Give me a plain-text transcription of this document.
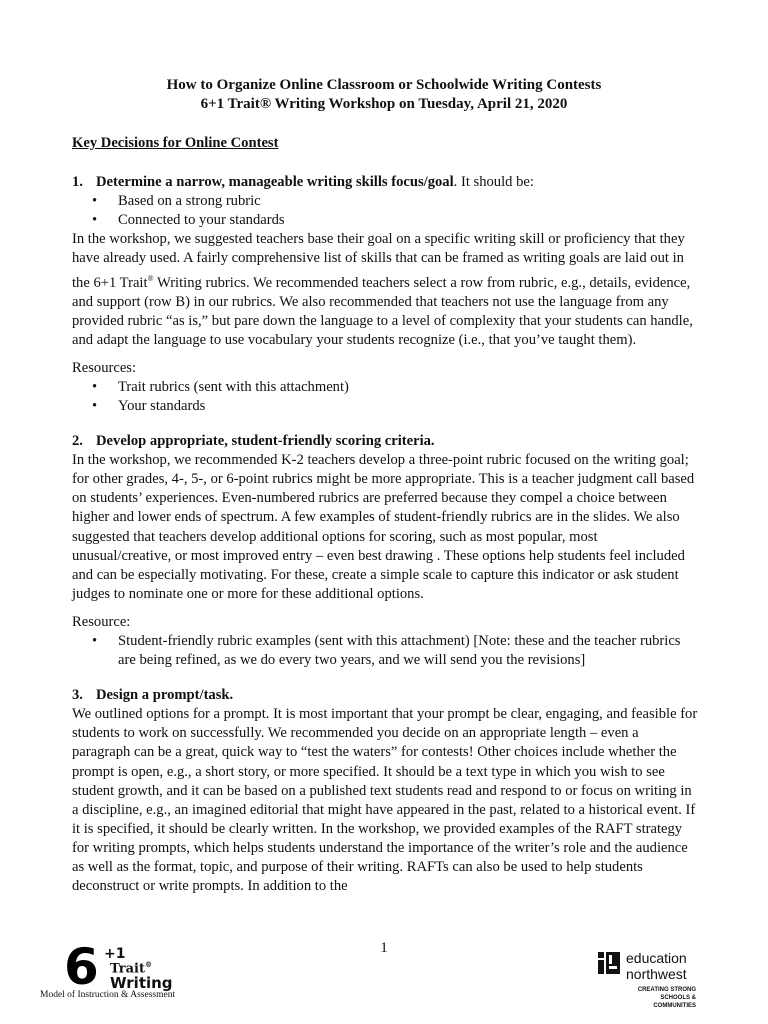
How to Organize Online Classroom or Schoolwide Writing Contests
6+1 Trait® Writing Workshop on Tuesday, April 21, 2020
Key Decisions for Online Contest
1. Determine a narrow, manageable writing skills focus/goal. It should be:
• Based on a strong rubric
• Connected to your standards

In the workshop, we suggested teachers base their goal on a specific writing skill or proficiency that they have already used. A fairly comprehensive list of skills that can be framed as writing goals are laid out in the 6+1 Trait® Writing rubrics. We recommended teachers select a row from rubric, e.g., details, evidence, and support (row B) in our rubrics. We also recommended that teachers not use the language from any provided rubric “as is,” but pare down the language to a level of complexity that your students can handle, and adapt the language to use vocabulary your students recognize (i.e., that you’ve taught them).

Resources:

• Trait rubrics (sent with this attachment)
• Your standards
2. Develop appropriate, student-friendly scoring criteria.

In the workshop, we recommended K-2 teachers develop a three-point rubric focused on the writing goal; for other grades, 4-, 5-, or 6-point rubrics might be more appropriate. This is a teacher judgment call based on students’ experiences. Even-numbered rubrics are preferred because they compel a choice between higher and lower ends of spectrum. A few examples of student-friendly rubrics are in the slides. We also suggested that teachers develop additional options for scoring, such as most popular, most unusual/creative, or most improved entry – even best drawing . These options help students feel included and can be especially motivating. For these, create a simple scale to capture this indicator or ask student judges to nominate one or more for these additional options.

Resource:

• Student-friendly rubric examples (sent with this attachment) [Note: these and the teacher rubrics are being refined, as we do every two years, and we will send you the revisions]
3. Design a prompt/task.

We outlined options for a prompt. It is most important that your prompt be clear, engaging, and feasible for students to work on successfully. We recommended you decide on an appropriate length – even a paragraph can be a great, quick way to “test the waters” for contests! Other choices include whether the prompt is open, e.g., a short story, or more specified. It should be a text type in which you wish to see student growth, and it can be based on a published text students read and respond to or focus on writing in a discipline, e.g., an imagined editorial that might have appeared in the past, related to a historical event. If it is specified, it should be clearly written. In the workshop, we provided examples of the RAFT strategy for writing prompts, which helps students understand the importance of the writer’s role and the audience as well as the format, topic, and purpose of their writing. RAFTs can also be used to help students deconstruct or write prompts. In addition to the

1
6 +1
Trait®
Writing
Model of Instruction & Assessment
education
northwest
CREATING STRONG
SCHOOLS & COMMUNITIES
